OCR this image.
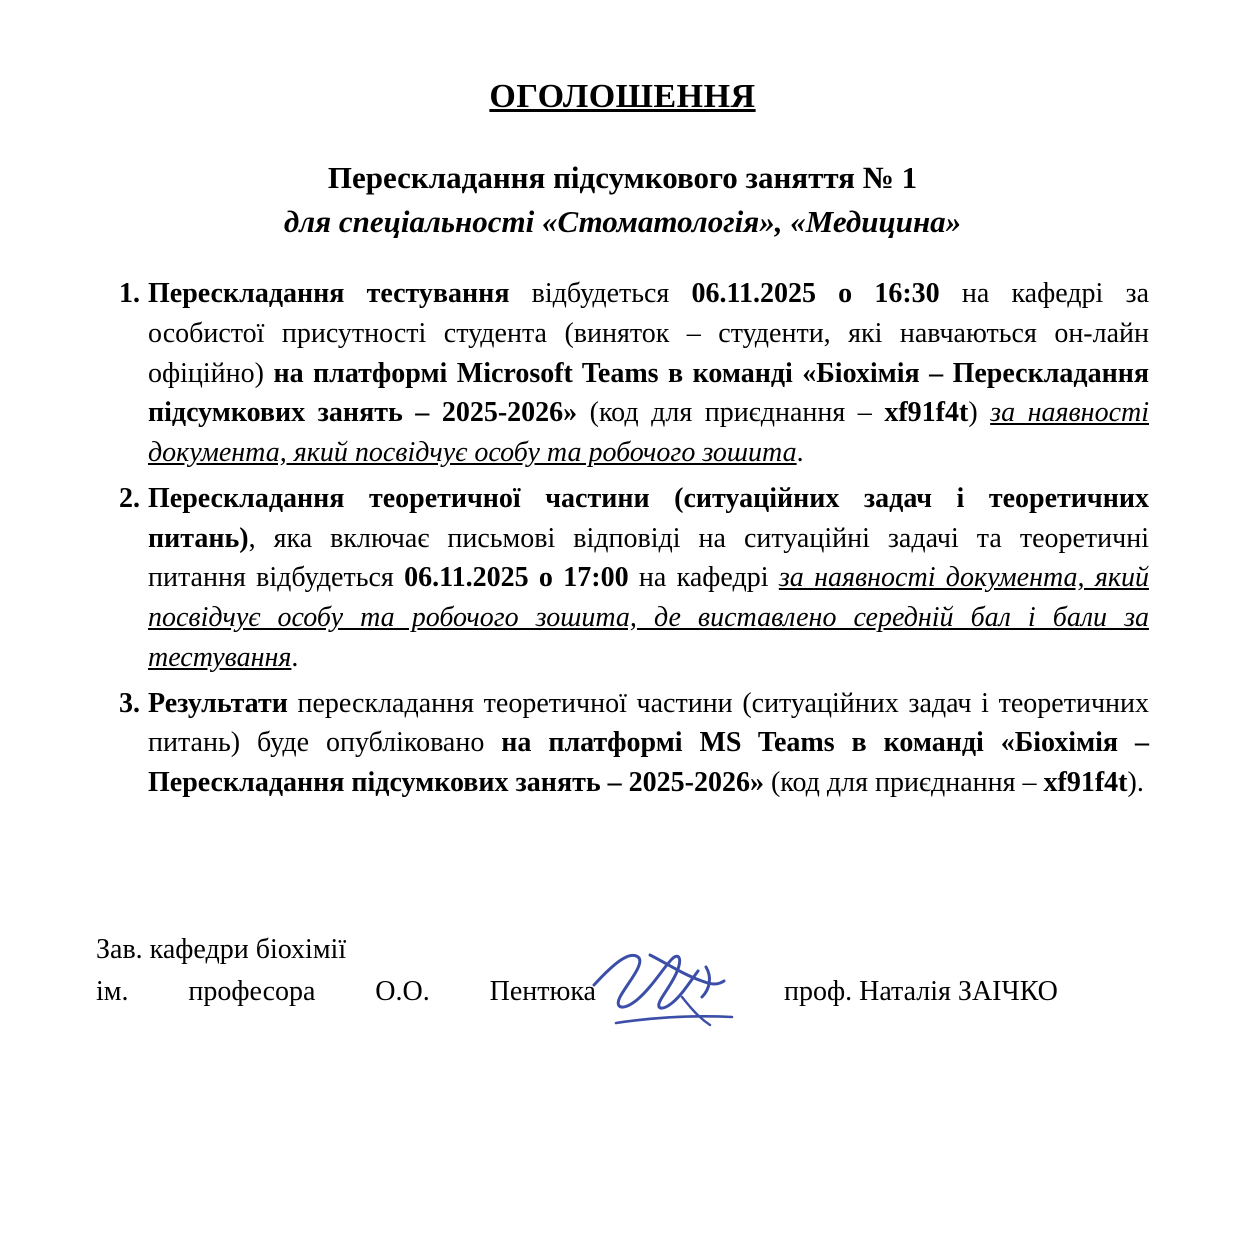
ОГОЛОШЕННЯ
Перескладання підсумкового заняття № 1
для спеціальності «Стоматологія», «Медицина»
1. Перескладання тестування відбудеться 06.11.2025 о 16:30 на кафедрі за особистої присутності студента (виняток – студенти, які навчаються он-лайн офіційно) на платформі Microsoft Teams в команді «Біохімія – Перескладання підсумкових занять – 2025-2026» (код для приєднання – xf91f4t) за наявності документа, який посвідчує особу та робочого зошита.
2. Перескладання теоретичної частини (ситуаційних задач і теоретичних питань), яка включає письмові відповіді на ситуаційні задачі та теоретичні питання відбудеться 06.11.2025 о 17:00 на кафедрі за наявності документа, який посвідчує особу та робочого зошита, де виставлено середній бал і бали за тестування.
3. Результати перескладання теоретичної частини (ситуаційних задач і теоретичних питань) буде опубліковано на платформі MS Teams в команді «Біохімія – Перескладання підсумкових занять – 2025-2026» (код для приєднання – xf91f4t).

Зав. кафедри біохімії

ім. професора О.О. Пентюка	проф. Наталія ЗАІЧКО
